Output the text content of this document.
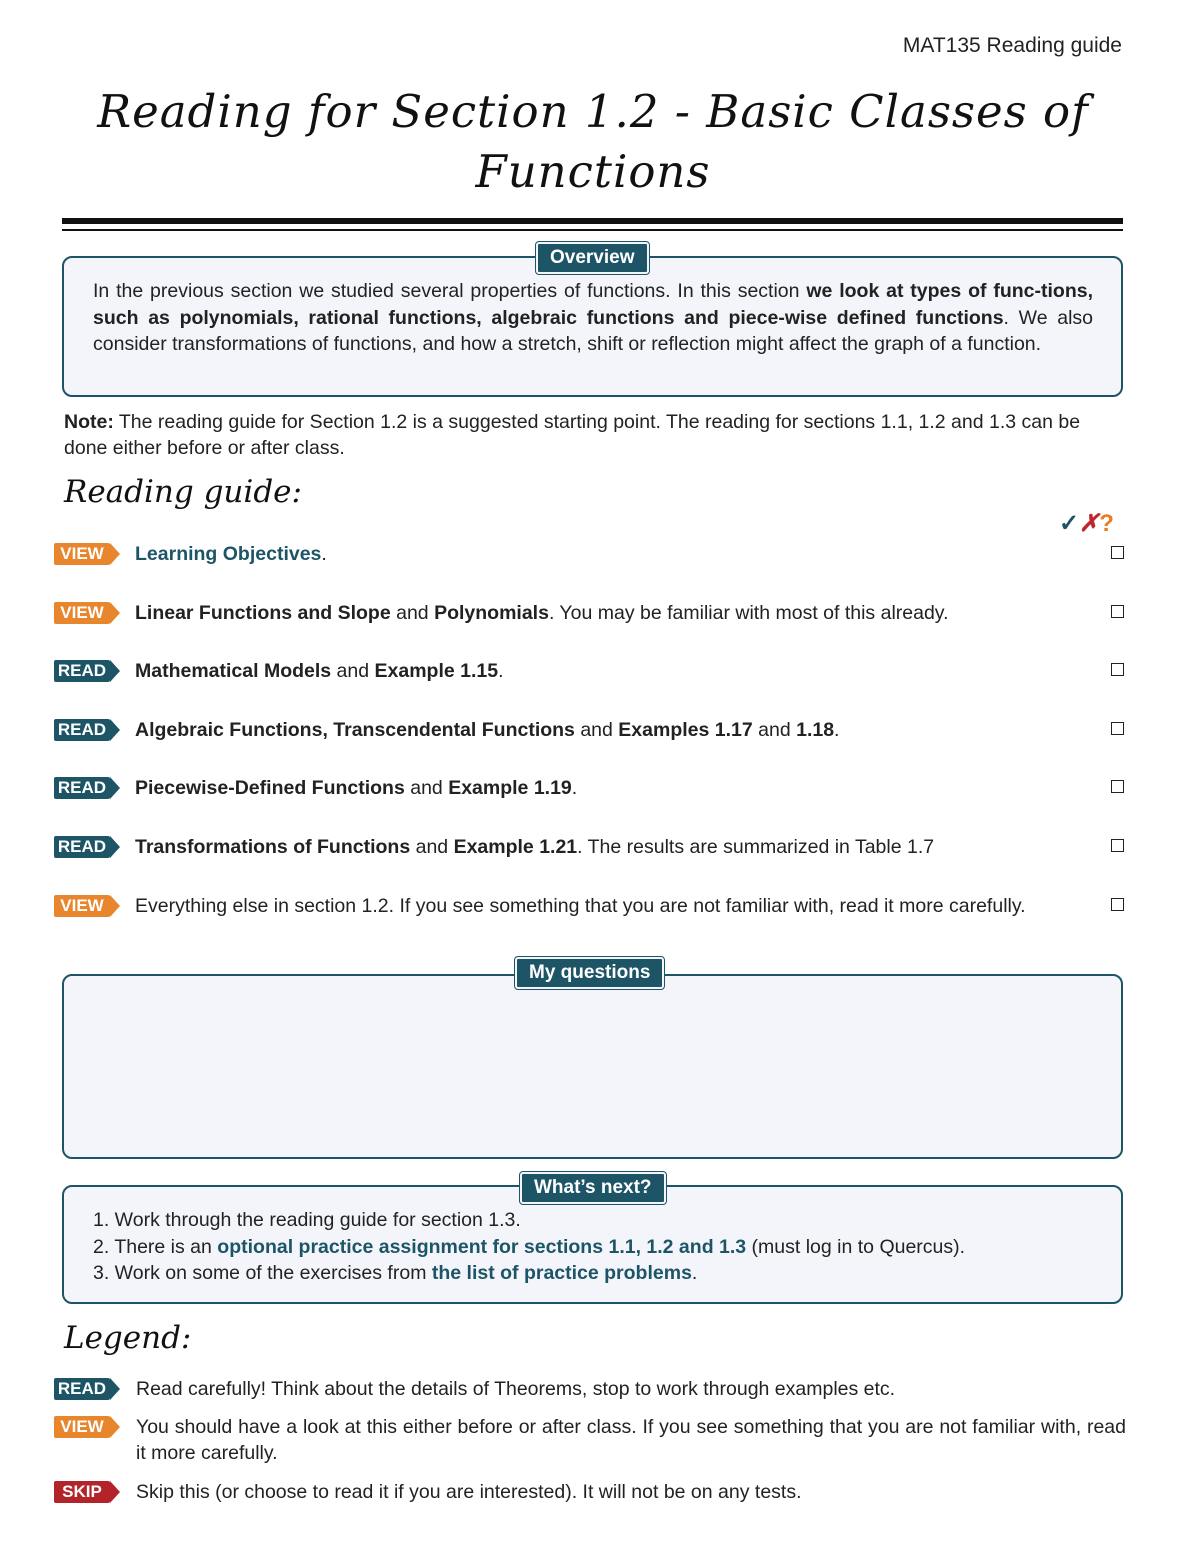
MAT135 Reading guide
Reading for Section 1.2 - Basic Classes of
Functions
Overview
In the previous section we studied several properties of functions. In this section we look at types of func-tions, such as polynomials, rational functions, algebraic functions and piece-wise defined functions. We also consider transformations of functions, and how a stretch, shift or reflection might affect the graph of a function.
Note: The reading guide for Section 1.2 is a suggested starting point. The reading for sections 1.1, 1.2 and 1.3 can be done either before or after class.
Reading guide:
✓✗?
VIEW	Learning Objectives.
VIEW	Linear Functions and Slope and Polynomials. You may be familiar with most of this already.
READ Mathematical Models and Example 1.15.
READ Algebraic Functions, Transcendental Functions and Examples 1.17 and 1.18.
READ Piecewise-Defined Functions and Example 1.19.
READ Transformations of Functions and Example 1.21. The results are summarized in Table 1.7
VIEW	Everything else in section 1.2. If you see something that you are not familiar with, read it more carefully.
My questions
What’s next?
1. Work through the reading guide for section 1.3.
2. There is an optional practice assignment for sections 1.1, 1.2 and 1.3 (must log in to Quercus).
3. Work on some of the exercises from the list of practice problems.
Legend:
READ Read carefully! Think about the details of Theorems, stop to work through examples etc.
VIEW	You should have a look at this either before or after class. If you see something that you are not familiar with, read it more carefully.
SKIP	Skip this (or choose to read it if you are interested). It will not be on any tests.
